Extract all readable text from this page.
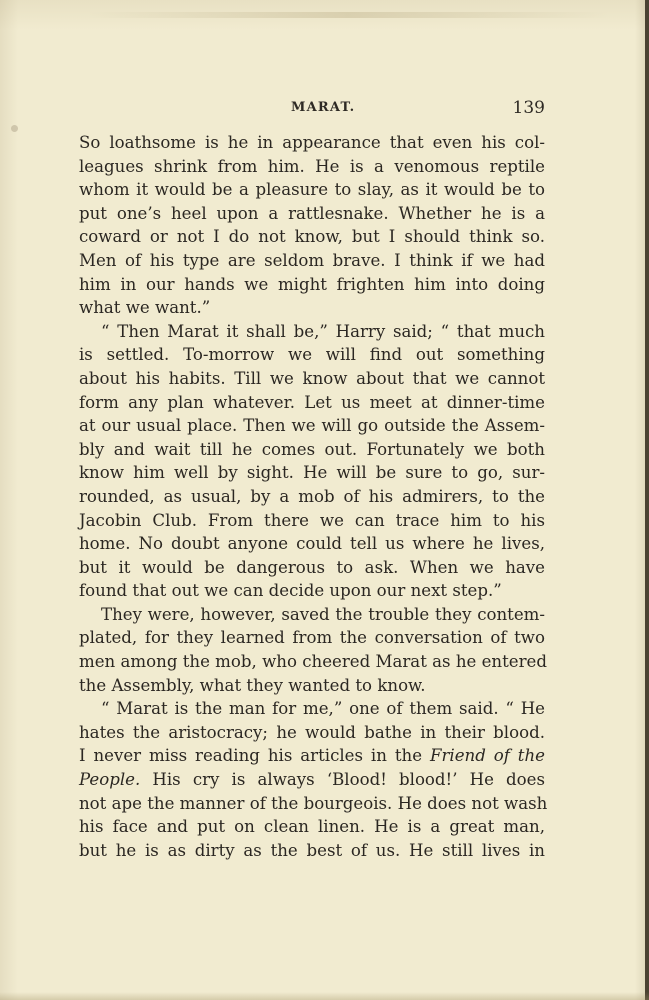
MARAT.	139
So loathsome is he in appearance that even his col-
leagues shrink from him. He is a venomous reptile
whom it would be a pleasure to slay, as it would be to
put one’s heel upon a rattlesnake. Whether he is a
coward or not I do not know, but I should think so.
Men of his type are seldom brave. I think if we had
him in our hands we might frighten him into doing
what we want.”
“ Then Marat it shall be,” Harry said; “ that much
is settled. To-morrow we will find out something
about his habits. Till we know about that we cannot
form any plan whatever. Let us meet at dinner-time
at our usual place. Then we will go outside the Assem-
bly and wait till he comes out. Fortunately we both
know him well by sight. He will be sure to go, sur-
rounded, as usual, by a mob of his admirers, to the
Jacobin Club. From there we can trace him to his
home. No doubt anyone could tell us where he lives,
but it would be dangerous to ask. When we have
found that out we can decide upon our next step.”
They were, however, saved the trouble they contem-
plated, for they learned from the conversation of two
men among the mob, who cheered Marat as he entered
the Assembly, what they wanted to know.
“ Marat is the man for me,” one of them said. “ He
hates the aristocracy; he would bathe in their blood.
I never miss reading his articles in the Friend of the
People. His cry is always ‘Blood! blood!’ He does
not ape the manner of the bourgeois. He does not wash
his face and put on clean linen. He is a great man,
but he is as dirty as the best of us. He still lives in
